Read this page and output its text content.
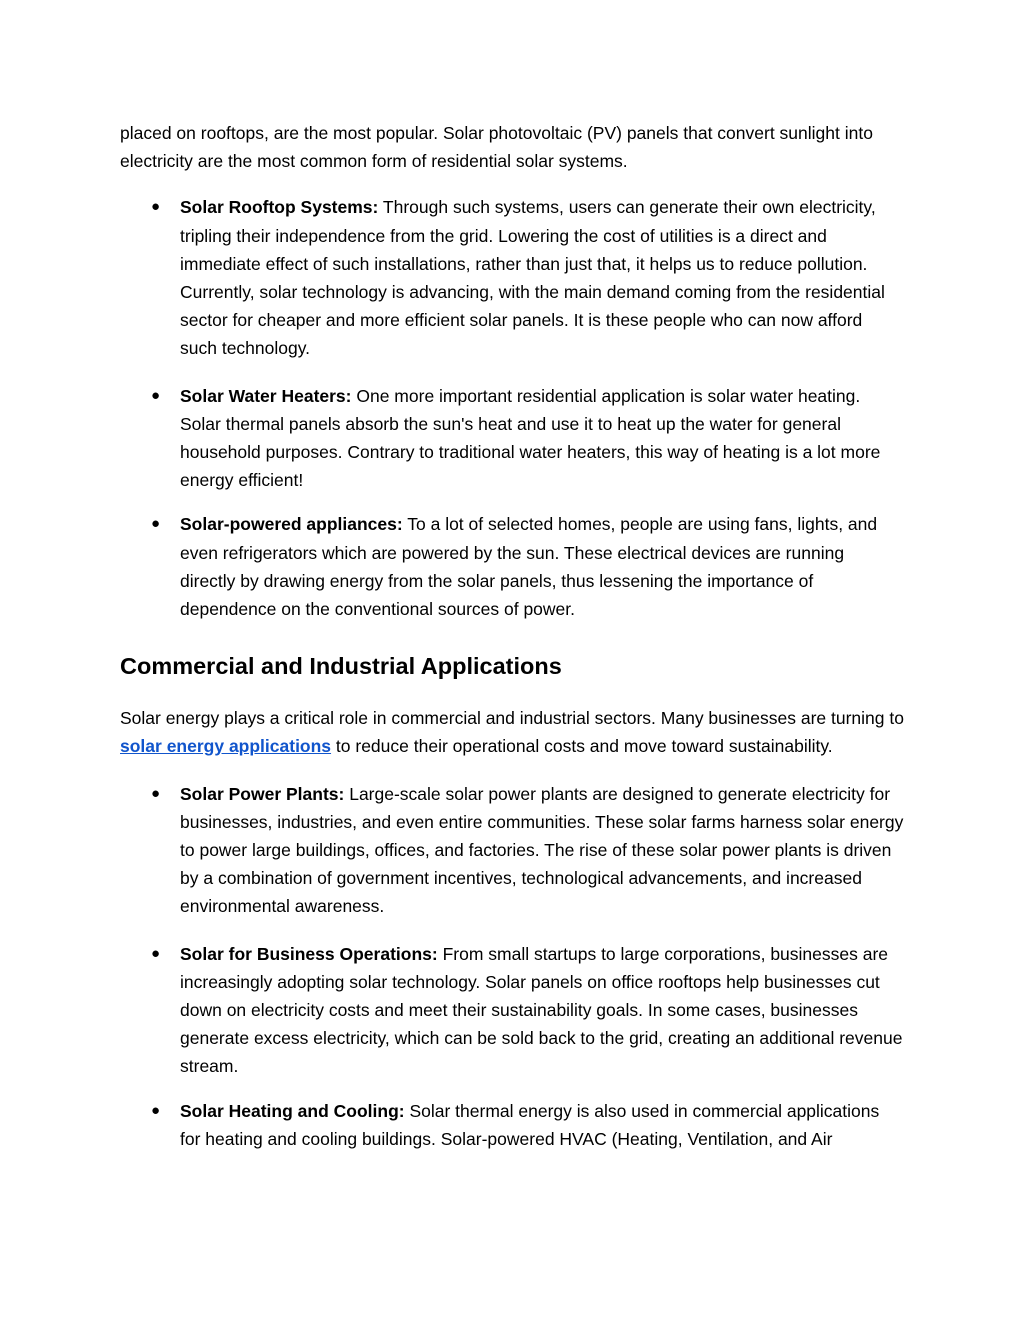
placed on rooftops, are the most popular. Solar photovoltaic (PV) panels that convert sunlight into electricity are the most common form of residential solar systems.

● Solar Rooftop Systems: Through such systems, users can generate their own electricity, tripling their independence from the grid. Lowering the cost of utilities is a direct and immediate effect of such installations, rather than just that, it helps us to reduce pollution. Currently, solar technology is advancing, with the main demand coming from the residential sector for cheaper and more efficient solar panels. It is these people who can now afford such technology.
● Solar Water Heaters: One more important residential application is solar water heating. Solar thermal panels absorb the sun's heat and use it to heat up the water for general household purposes. Contrary to traditional water heaters, this way of heating is a lot more energy efficient!
● Solar-powered appliances: To a lot of selected homes, people are using fans, lights, and even refrigerators which are powered by the sun. These electrical devices are running directly by drawing energy from the solar panels, thus lessening the importance of dependence on the conventional sources of power.
Commercial and Industrial Applications

Solar energy plays a critical role in commercial and industrial sectors. Many businesses are turning to solar energy applications to reduce their operational costs and move toward sustainability.

● Solar Power Plants: Large-scale solar power plants are designed to generate electricity for businesses, industries, and even entire communities. These solar farms harness solar energy to power large buildings, offices, and factories. The rise of these solar power plants is driven by a combination of government incentives, technological advancements, and increased environmental awareness.
● Solar for Business Operations: From small startups to large corporations, businesses are increasingly adopting solar technology. Solar panels on office rooftops help businesses cut down on electricity costs and meet their sustainability goals. In some cases, businesses generate excess electricity, which can be sold back to the grid, creating an additional revenue stream.
● Solar Heating and Cooling: Solar thermal energy is also used in commercial applications for heating and cooling buildings. Solar-powered HVAC (Heating, Ventilation, and Air
